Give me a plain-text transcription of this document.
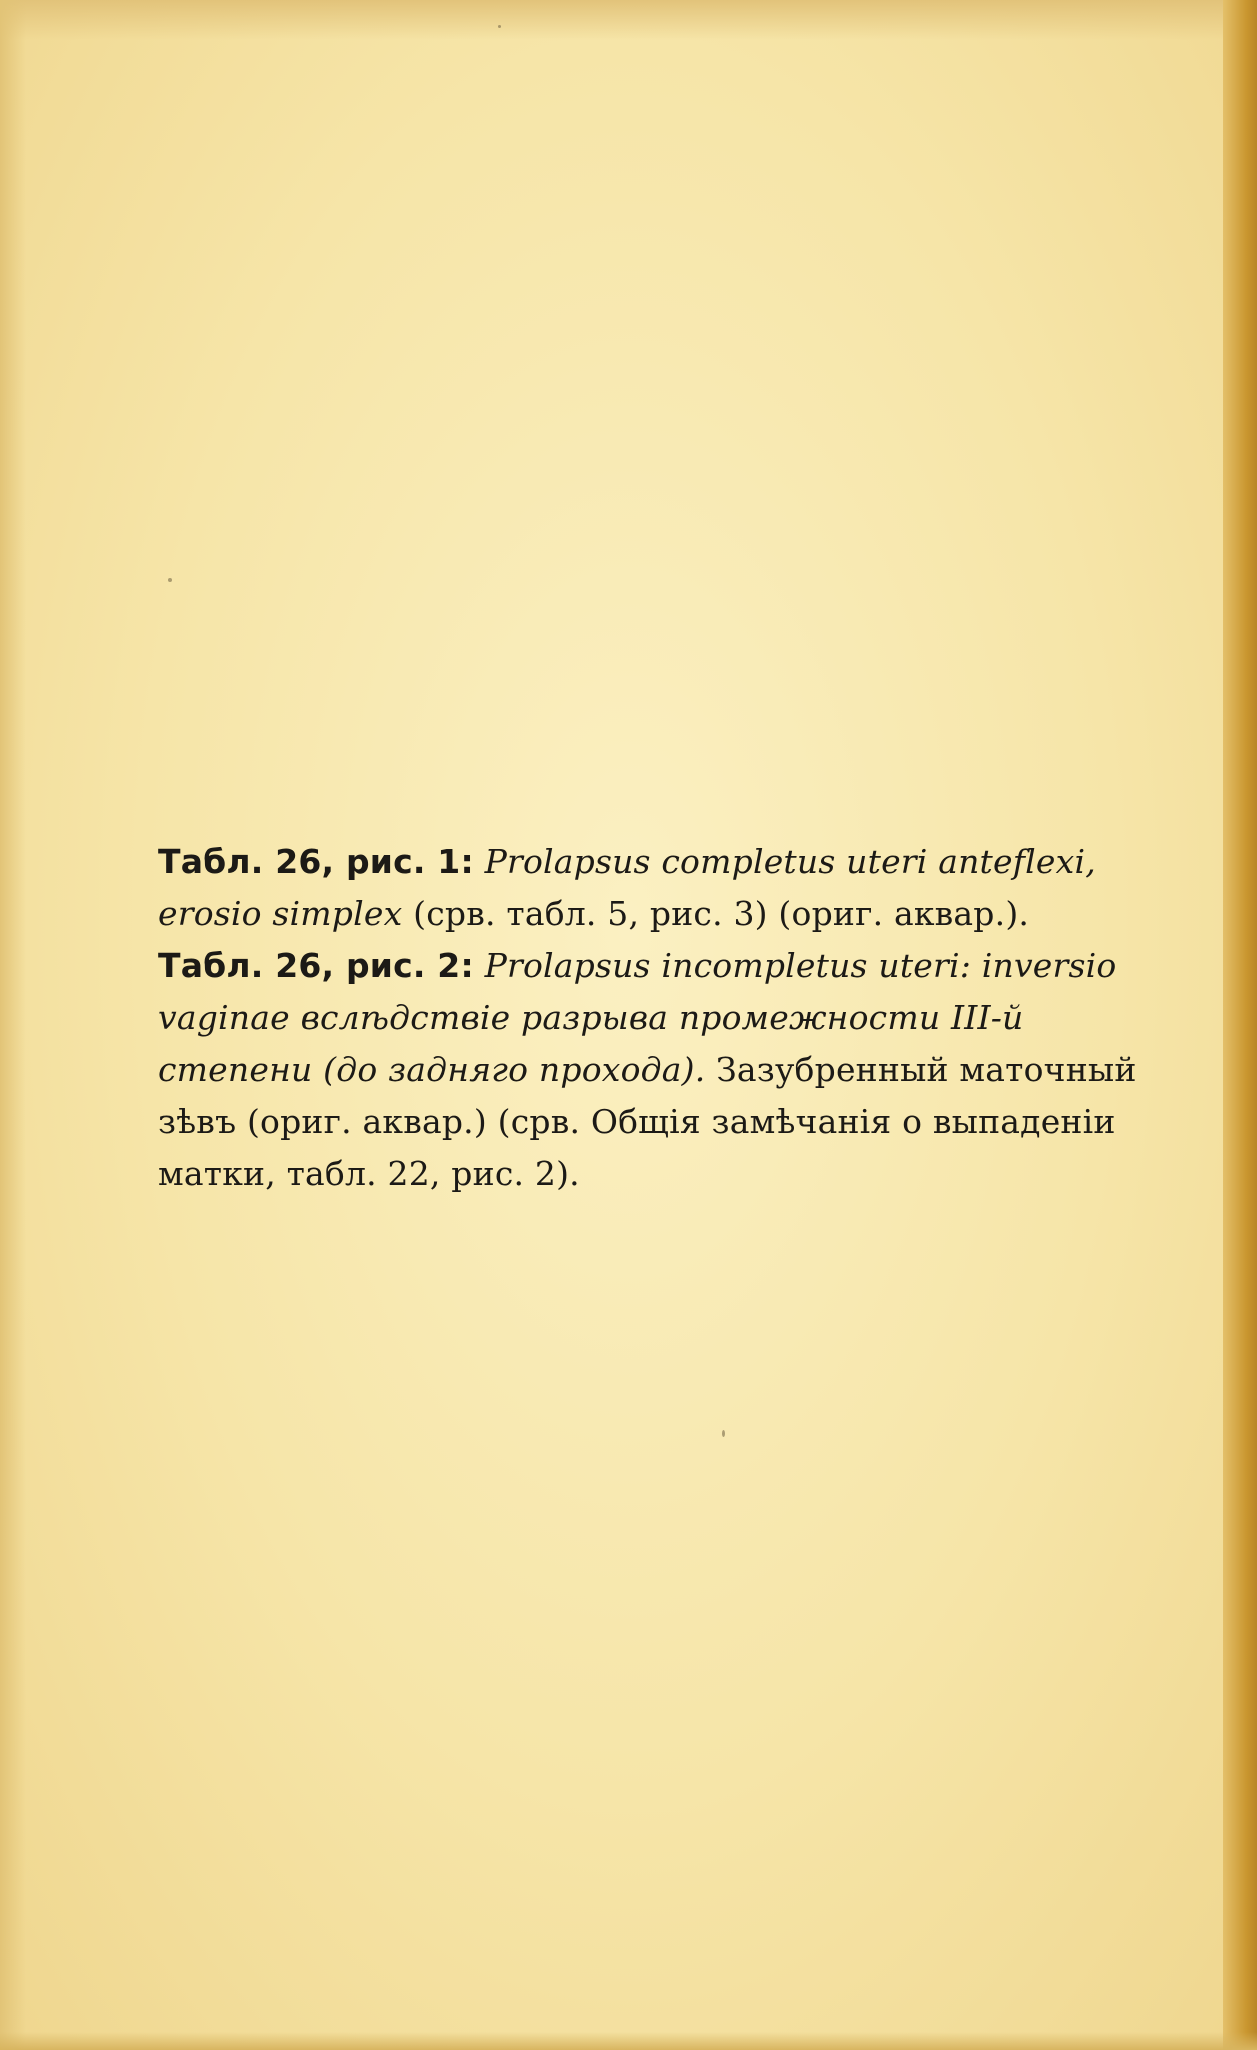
Табл. 26, рис. 1: Prolapsus completus uteri anteflexi, erosio simplex (срв. табл. 5, рис. 3) (ориг. аквар.).

Табл. 26, рис. 2: Prolapsus incompletus uteri: inversio vaginae вслѣдствіе разрыва промежности III-й степени (до задняго прохода). Зазубренный маточный зѣвъ (ориг. аквар.) (срв. Общія замѣчанія о выпаденіи матки, табл. 22, рис. 2).
